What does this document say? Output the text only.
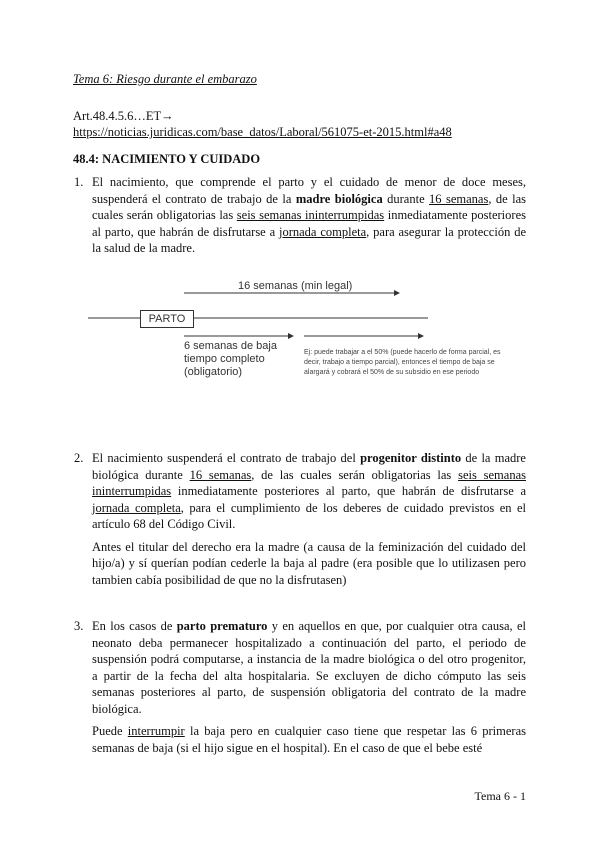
Tema 6: Riesgo durante el embarazo
Art.48.4.5.6…ET→
https://noticias.juridicas.com/base_datos/Laboral/561075-et-2015.html#a48
48.4: NACIMIENTO Y CUIDADO
1. El nacimiento, que comprende el parto y el cuidado de menor de doce meses, suspenderá el contrato de trabajo de la madre biológica durante 16 semanas, de las cuales serán obligatorias las seis semanas ininterrumpidas inmediatamente posteriores al parto, que habrán de disfrutarse a jornada completa, para asegurar la protección de la salud de la madre.

16 semanas (min legal)
PARTO
6 semanas de baja
tiempo completo
(obligatorio)
Ej: puede trabajar a el 50% (puede hacerlo de forma parcial, es decir, trabajo a tiempo parcial), entonces el tiempo de baja se alargará y cobrará el 50% de su subsidio en ese periodo
2. El nacimiento suspenderá el contrato de trabajo del progenitor distinto de la madre biológica durante 16 semanas, de las cuales serán obligatorias las seis semanas ininterrumpidas inmediatamente posteriores al parto, que habrán de disfrutarse a jornada completa, para el cumplimiento de los deberes de cuidado previstos en el artículo 68 del Código Civil.

Antes el titular del derecho era la madre (a causa de la feminización del cuidado del hijo/a) y sí querían podían cederle la baja al padre (era posible que lo utilizasen pero tambien cabía posibilidad de que no la disfrutasen)

3. En los casos de parto prematuro y en aquellos en que, por cualquier otra causa, el neonato deba permanecer hospitalizado a continuación del parto, el periodo de suspensión podrá computarse, a instancia de la madre biológica o del otro progenitor, a partir de la fecha del alta hospitalaria. Se excluyen de dicho cómputo las seis semanas posteriores al parto, de suspensión obligatoria del contrato de la madre biológica.

Puede interrumpir la baja pero en cualquier caso tiene que respetar las 6 primeras semanas de baja (si el hijo sigue en el hospital). En el caso de que el bebe esté

Tema 6 - 1
